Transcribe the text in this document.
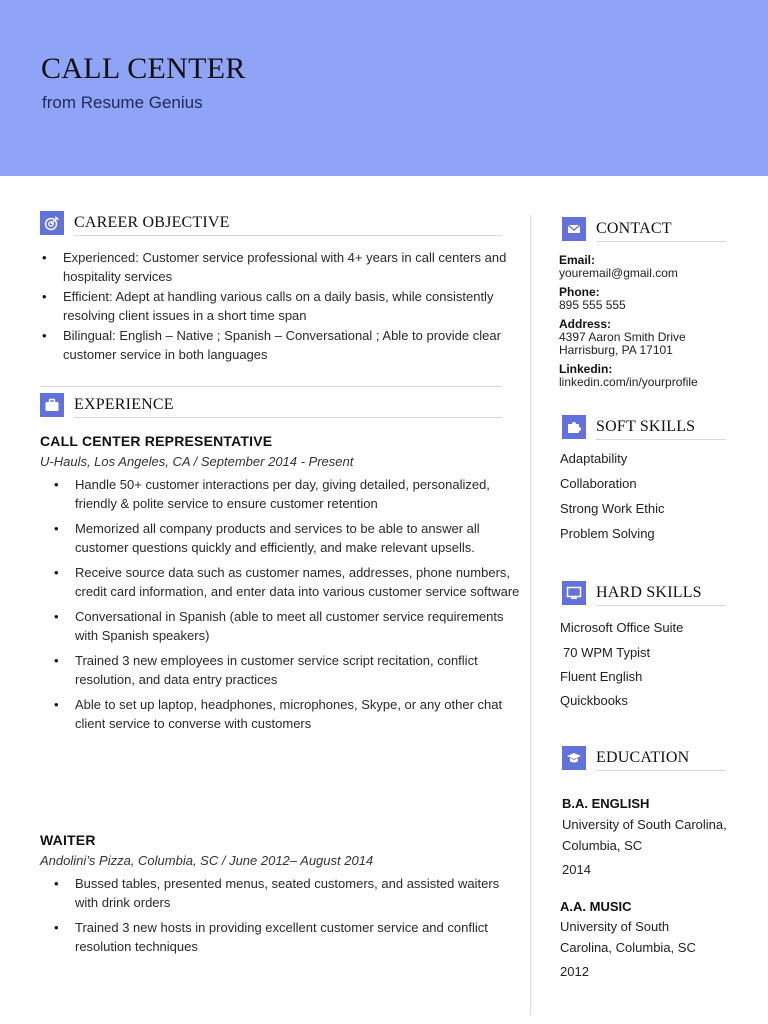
CALL CENTER
from Resume Genius
CAREER OBJECTIVE
• Experienced: Customer service professional with 4+ years in call centers and hospitality services
• Efficient: Adept at handling various calls on a daily basis, while consistently resolving client issues in a short time span
• Bilingual: English – Native ; Spanish – Conversational ; Able to provide clear customer service in both languages
EXPERIENCE
CALL CENTER REPRESENTATIVE
U-Hauls, Los Angeles, CA / September 2014 - Present
• Handle 50+ customer interactions per day, giving detailed, personalized, friendly & polite service to ensure customer retention
• Memorized all company products and services to be able to answer all customer questions quickly and efficiently, and make relevant upsells.
• Receive source data such as customer names, addresses, phone numbers, credit card information, and enter data into various customer service software
• Conversational in Spanish (able to meet all customer service requirements with Spanish speakers)
• Trained 3 new employees in customer service script recitation, conflict resolution, and data entry practices
• Able to set up laptop, headphones, microphones, Skype, or any other chat client service to converse with customers
WAITER
Andolini’s Pizza, Columbia, SC / June 2012– August 2014
• Bussed tables, presented menus, seated customers, and assisted waiters with drink orders
• Trained 3 new hosts in providing excellent customer service and conflict resolution techniques
CONTACT
Email:
youremail@gmail.com
Phone:
895 555 555
Address:
4397 Aaron Smith Drive
Harrisburg, PA 17101
Linkedin:
linkedin.com/in/yourprofile
SOFT SKILLS
Adaptability
Collaboration
Strong Work Ethic
Problem Solving
HARD SKILLS
Microsoft Office Suite
70 WPM Typist
Fluent English
Quickbooks
EDUCATION
B.A. ENGLISH
University of South Carolina,
Columbia, SC
2014
A.A. MUSIC
University of South
Carolina, Columbia, SC
2012
